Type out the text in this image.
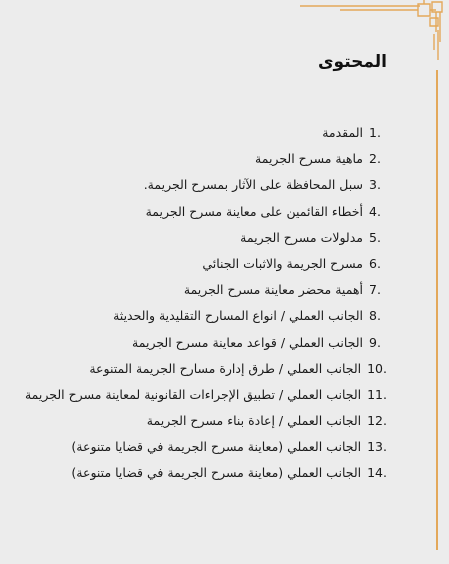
المحتوى
1.المقدمة
2.ماهية مسرح الجريمة
3.سبل المحافظة على الآثار بمسرح الجريمة.
4.أخطاء القائمين على معاينة مسرح الجريمة
5.مدلولات مسرح الجريمة
6.مسرح الجريمة والاثبات الجنائي
7.أهمية محضر معاينة مسرح الجريمة
8.الجانب العملي / انواع المسارح التقليدية والحديثة
9.الجانب العملي / قواعد معاينة مسرح الجريمة
10.الجانب العملي / طرق إدارة مسارح الجريمة المتنوعة
11.الجانب العملي / تطبيق الإجراءات القانونية لمعاينة مسرح الجريمة
12.الجانب العملي / إعادة بناء مسرح الجريمة
13.الجانب العملي (معاينة مسرح الجريمة في قضايا متنوعة)
14.الجانب العملي (معاينة مسرح الجريمة في قضايا متنوعة)
